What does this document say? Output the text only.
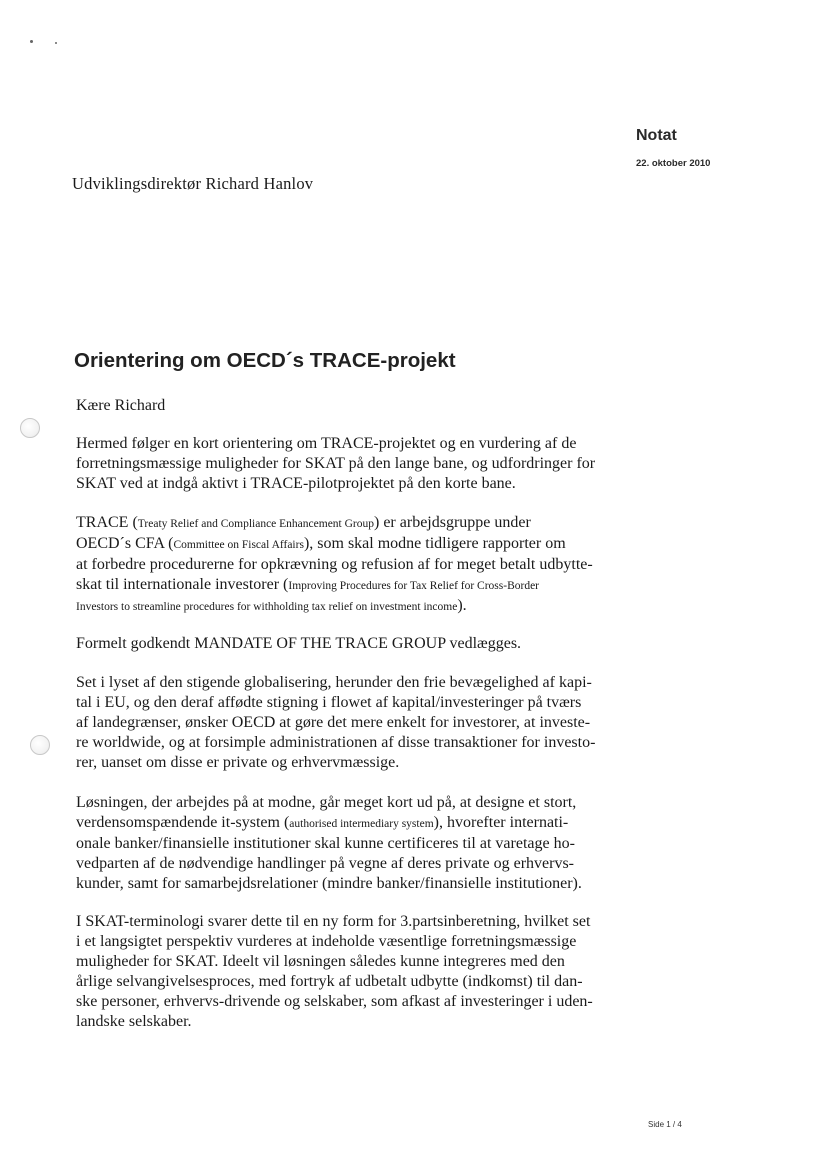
Notat
22. oktober 2010
Udviklingsdirektør Richard Hanlov
Orientering om OECD´s TRACE-projekt

Kære Richard

Hermed følger en kort orientering om TRACE-projektet og en vurdering af de
forretningsmæssige muligheder for SKAT på den lange bane, og udfordringer for
SKAT ved at indgå aktivt i TRACE-pilotprojektet på den korte bane.
TRACE (Treaty Relief and Compliance Enhancement Group) er arbejdsgruppe under
OECD´s CFA (Committee on Fiscal Affairs), som skal modne tidligere rapporter om
at forbedre procedurerne for opkrævning og refusion af for meget betalt udbytte-
skat til internationale investorer (Improving Procedures for Tax Relief for Cross-Border
Investors to streamline procedures for withholding tax relief on investment income).
Formelt godkendt MANDATE OF THE TRACE GROUP vedlægges.
Set i lyset af den stigende globalisering, herunder den frie bevægelighed af kapi-
tal i EU, og den deraf affødte stigning i flowet af kapital/investeringer på tværs
af landegrænser, ønsker OECD at gøre det mere enkelt for investorer, at investe-
re worldwide, og at forsimple administrationen af disse transaktioner for investo-
rer, uanset om disse er private og erhvervmæssige.
Løsningen, der arbejdes på at modne, går meget kort ud på, at designe et stort,
verdensomspændende it-system (authorised intermediary system), hvorefter internati-
onale banker/finansielle institutioner skal kunne certificeres til at varetage ho-
vedparten af de nødvendige handlinger på vegne af deres private og erhvervs-
kunder, samt for samarbejdsrelationer (mindre banker/finansielle institutioner).
I SKAT-terminologi svarer dette til en ny form for 3.partsinberetning, hvilket set
i et langsigtet perspektiv vurderes at indeholde væsentlige forretningsmæssige
muligheder for SKAT. Ideelt vil løsningen således kunne integreres med den
årlige selvangivelsesproces, med fortryk af udbetalt udbytte (indkomst) til dan-
ske personer, erhvervs-drivende og selskaber, som afkast af investeringer i uden-
landske selskaber.
Side 1 / 4
